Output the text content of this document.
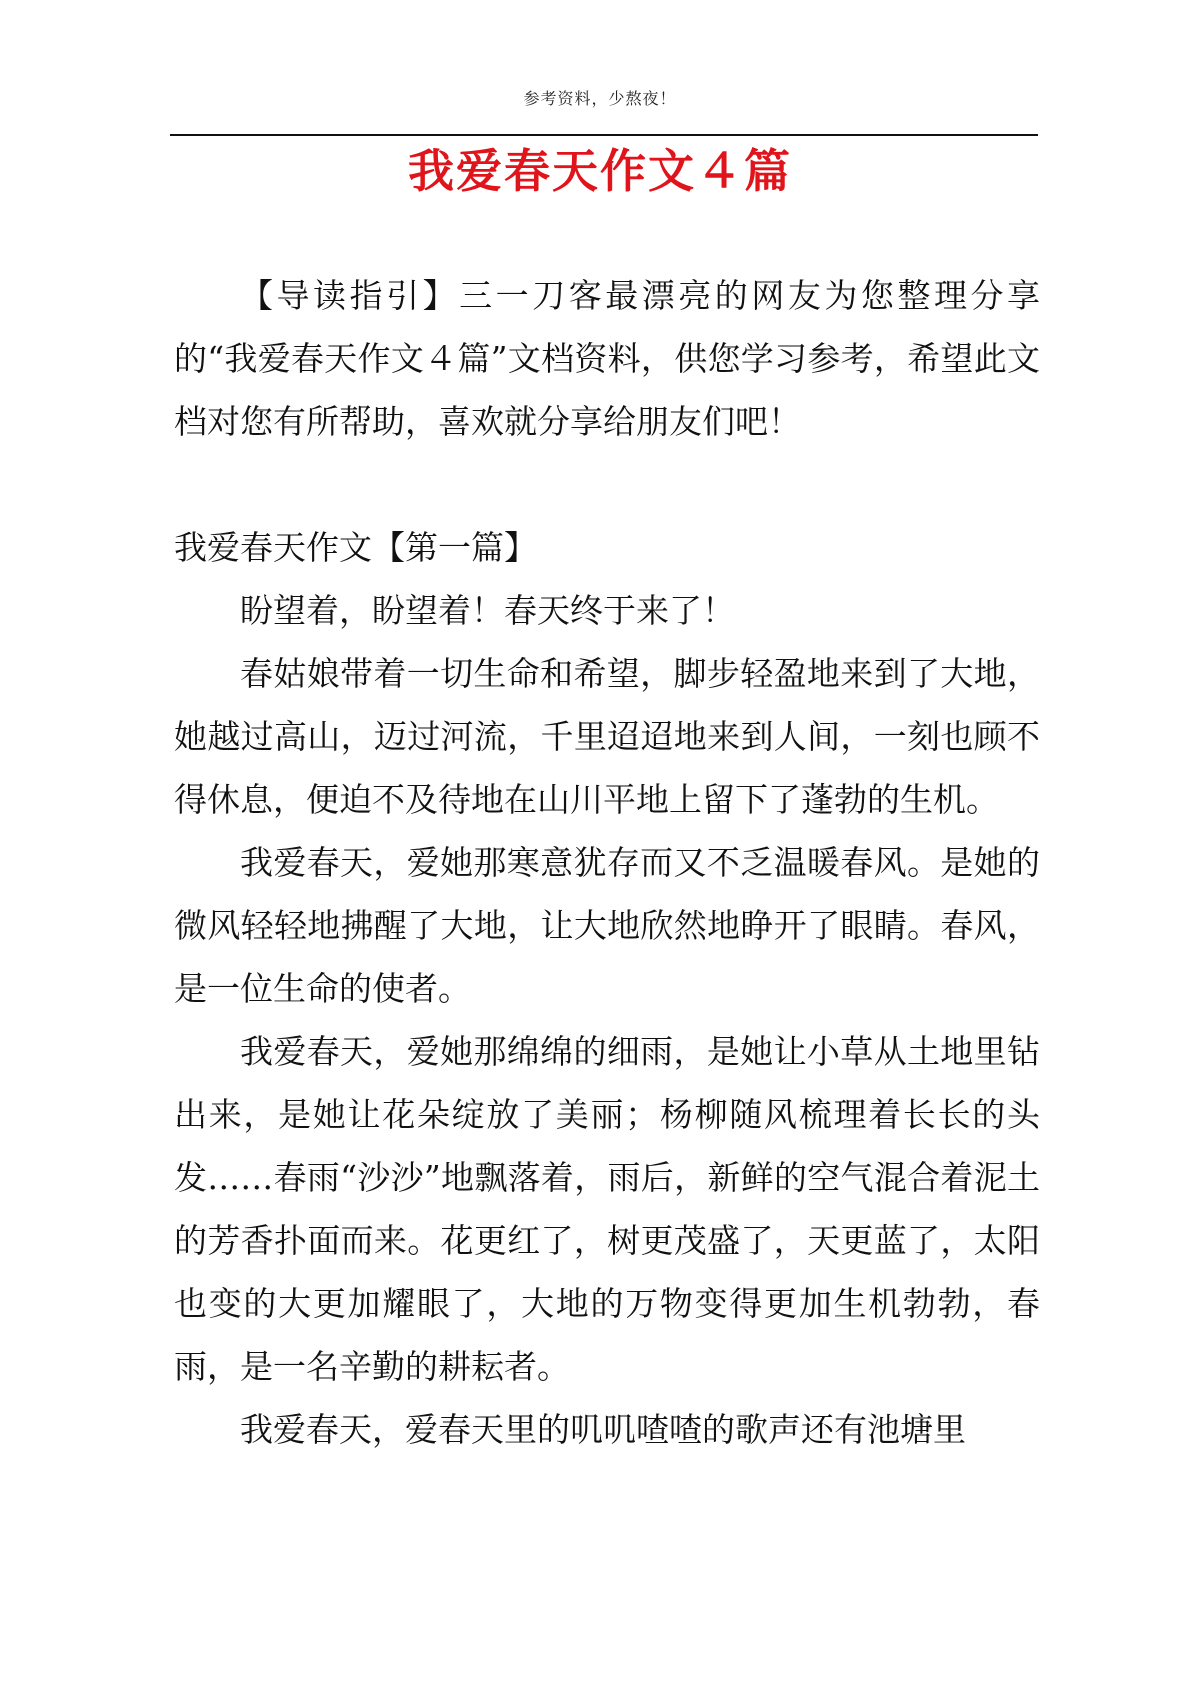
参考资料，少熬夜！
我爱春天作文４篇

【导读指引】三一刀客最漂亮的网友为您整理分享的“我爱春天作文４篇”文档资料，供您学习参考，希望此文档对您有所帮助，喜欢就分享给朋友们吧！

我爱春天作文【第一篇】

盼望着，盼望着！春天终于来了！

春姑娘带着一切生命和希望，脚步轻盈地来到了大地，她越过高山，迈过河流，千里迢迢地来到人间，一刻也顾不得休息，便迫不及待地在山川平地上留下了蓬勃的生机。

我爱春天，爱她那寒意犹存而又不乏温暖春风。是她的微风轻轻地拂醒了大地，让大地欣然地睁开了眼睛。春风，是一位生命的使者。

我爱春天，爱她那绵绵的细雨，是她让小草从土地里钻出来，是她让花朵绽放了美丽；杨柳随风梳理着长长的头发……春雨“沙沙”地飘落着，雨后，新鲜的空气混合着泥土的芳香扑面而来。花更红了，树更茂盛了，天更蓝了，太阳也变的大更加耀眼了，大地的万物变得更加生机勃勃，春雨，是一名辛勤的耕耘者。

我爱春天，爱春天里的叽叽喳喳的歌声还有池塘里
